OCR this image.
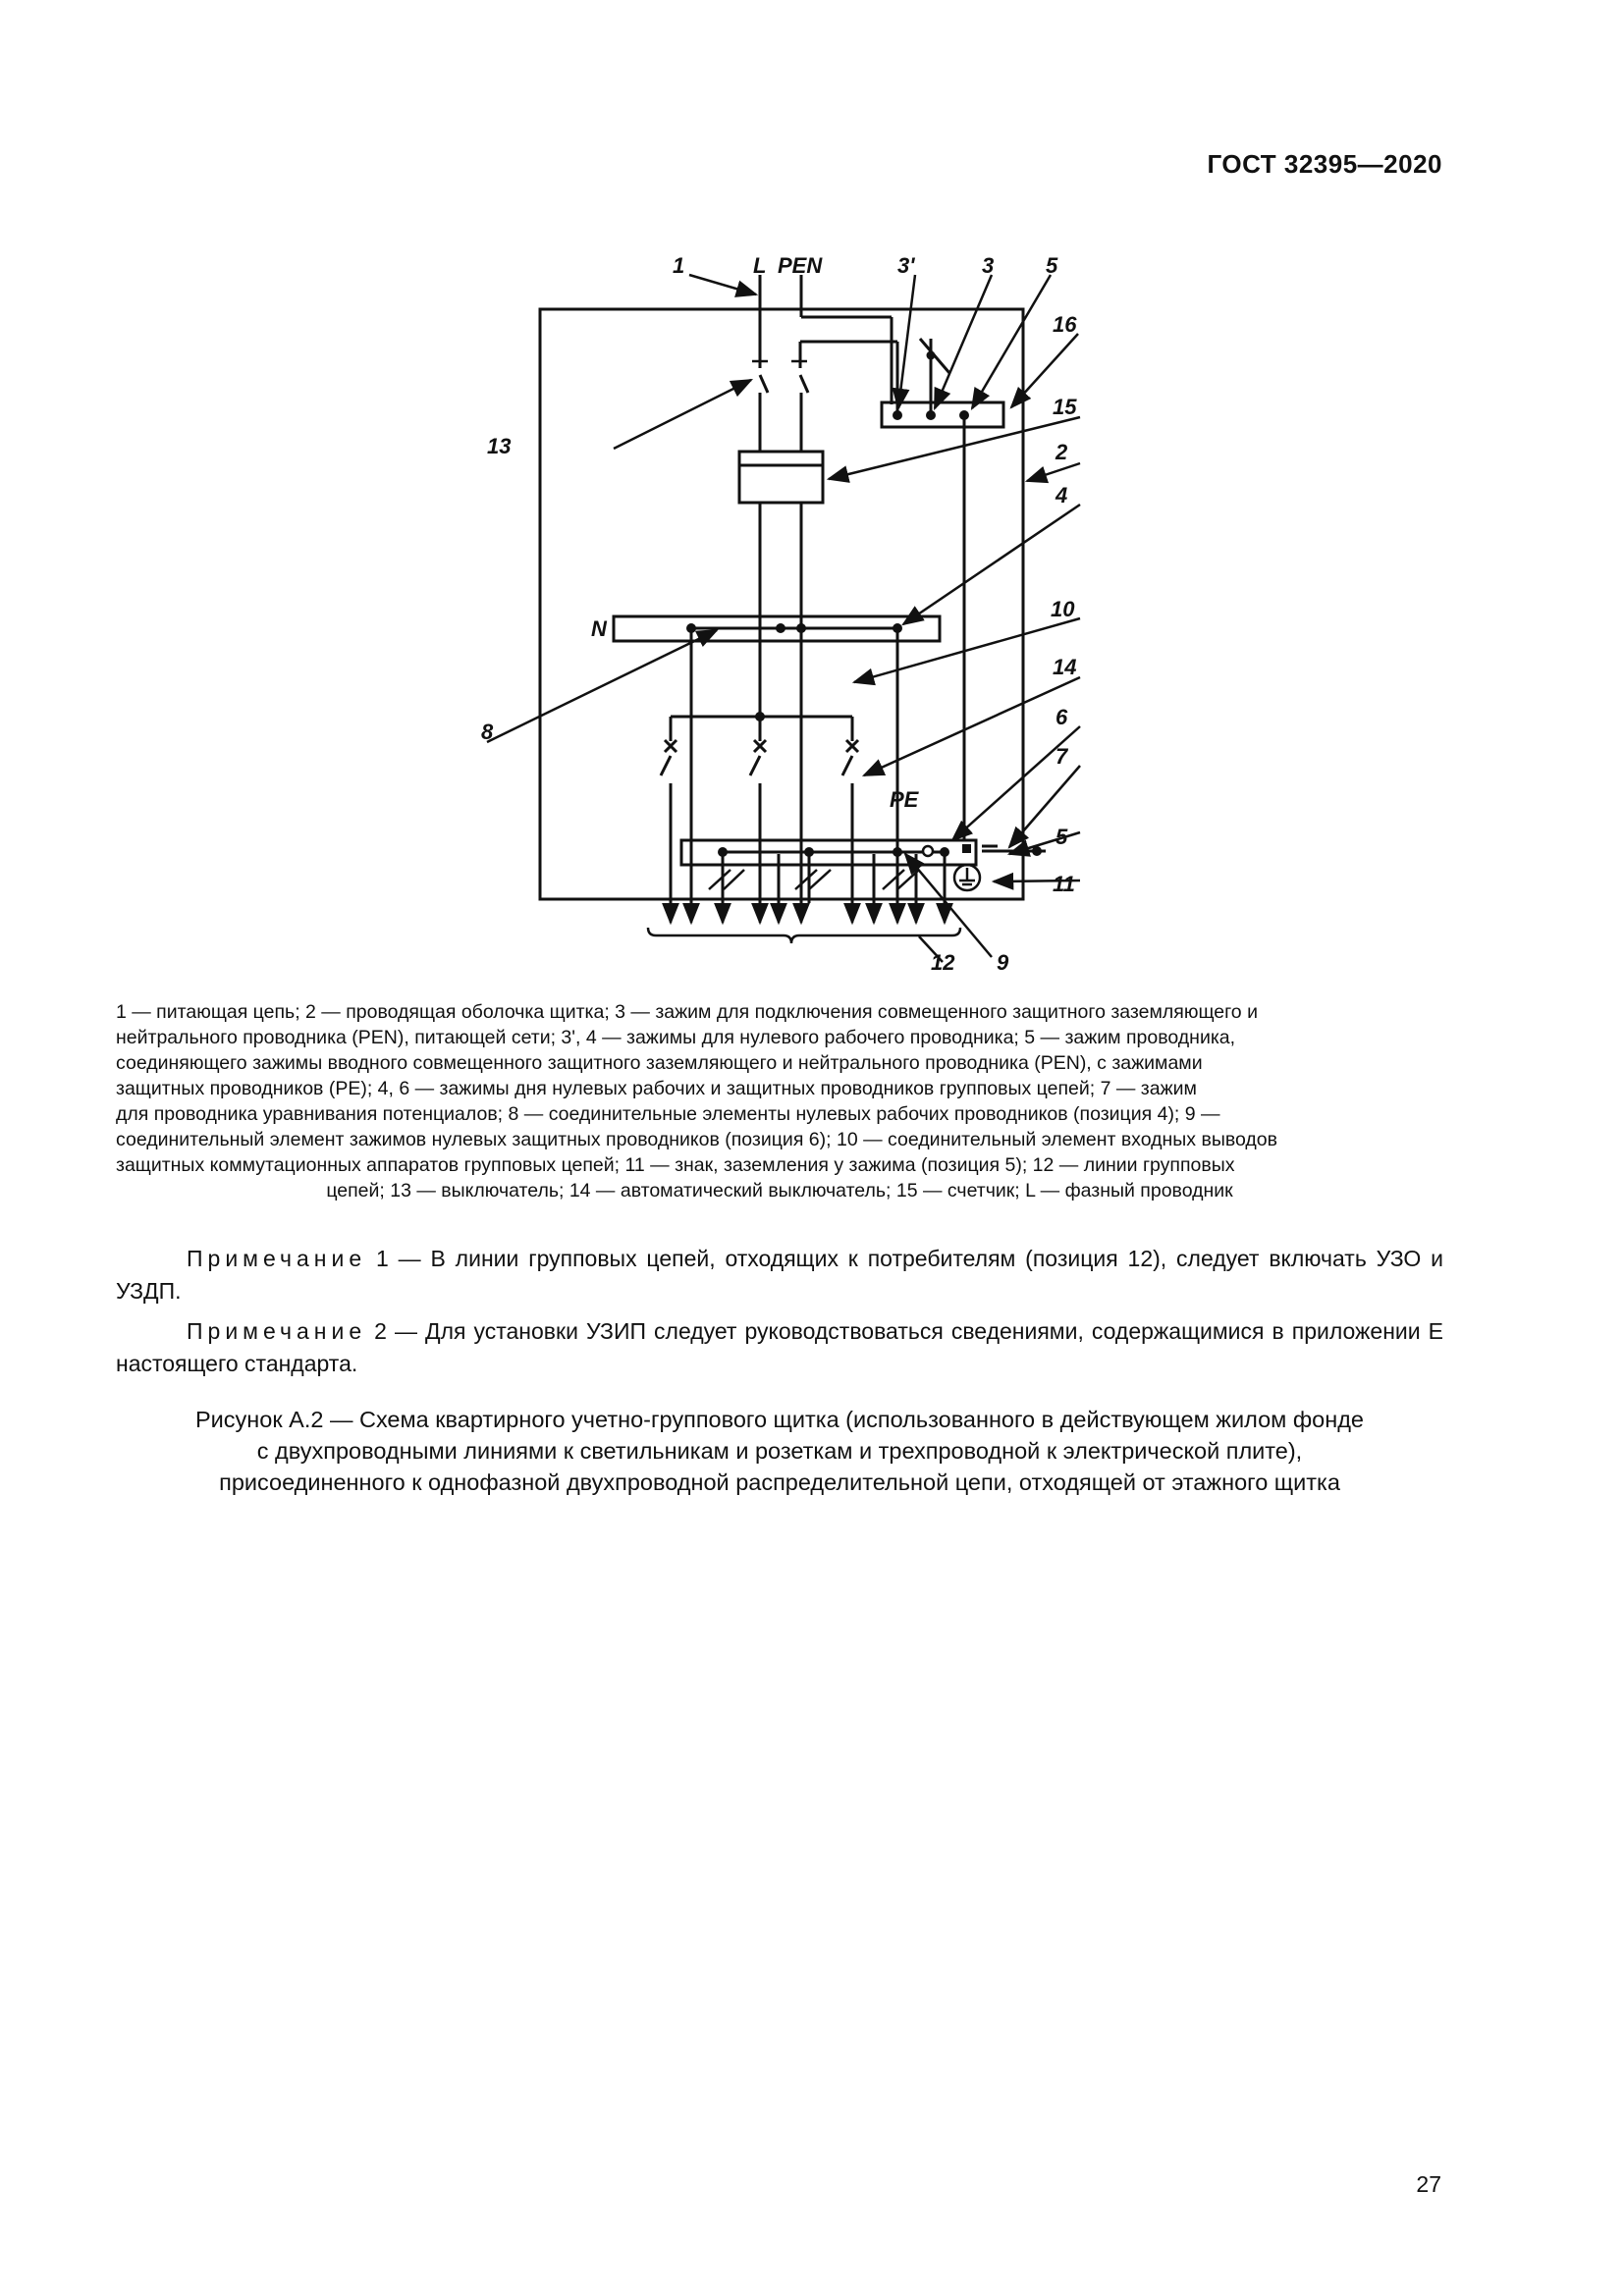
ГОСТ 32395—2020
1	L PEN	3'	3 5
16
15
13	2
4
N
10
14
8
6
7
PE
5
11
12 9

1 — питающая цепь; 2 — проводящая оболочка щитка; 3 — зажим для подключения совмещенного защитного заземляющего и

нейтрального проводника (PEN), питающей сети; 3', 4 — зажимы для нулевого рабочего проводника; 5 — зажим проводника,

соединяющего зажимы вводного совмещенного защитного заземляющего и нейтрального проводника (PEN), с зажимами

защитных проводников (PE); 4, 6 — зажимы дня нулевых рабочих и защитных проводников групповых цепей; 7 — зажим

для проводника уравнивания потенциалов; 8 — соединительные элементы нулевых рабочих проводников (позиция 4); 9 —

соединительный элемент зажимов нулевых защитных проводников (позиция 6); 10 — соединительный элемент входных выводов

защитных коммутационных аппаратов групповых цепей; 11 — знак, заземления у зажима (позиция 5); 12 — линии групповых

цепей; 13 — выключатель; 14 — автоматический выключатель; 15 — счетчик; L — фазный проводник

Примечание 1 — В линии групповых цепей, отходящих к потребителям (позиция 12), следует включать УЗО и УЗДП.
Примечание 2 — Для установки УЗИП следует руководствоваться сведениями, содержащимися в приложении Е настоящего стандарта.

Рисунок А.2 — Схема квартирного учетно-группового щитка (использованного в действующем жилом фонде

с двухпроводными линиями к светильникам и розеткам и трехпроводной к электрической плите),

присоединенного к однофазной двухпроводной распределительной цепи, отходящей от этажного щитка

27
